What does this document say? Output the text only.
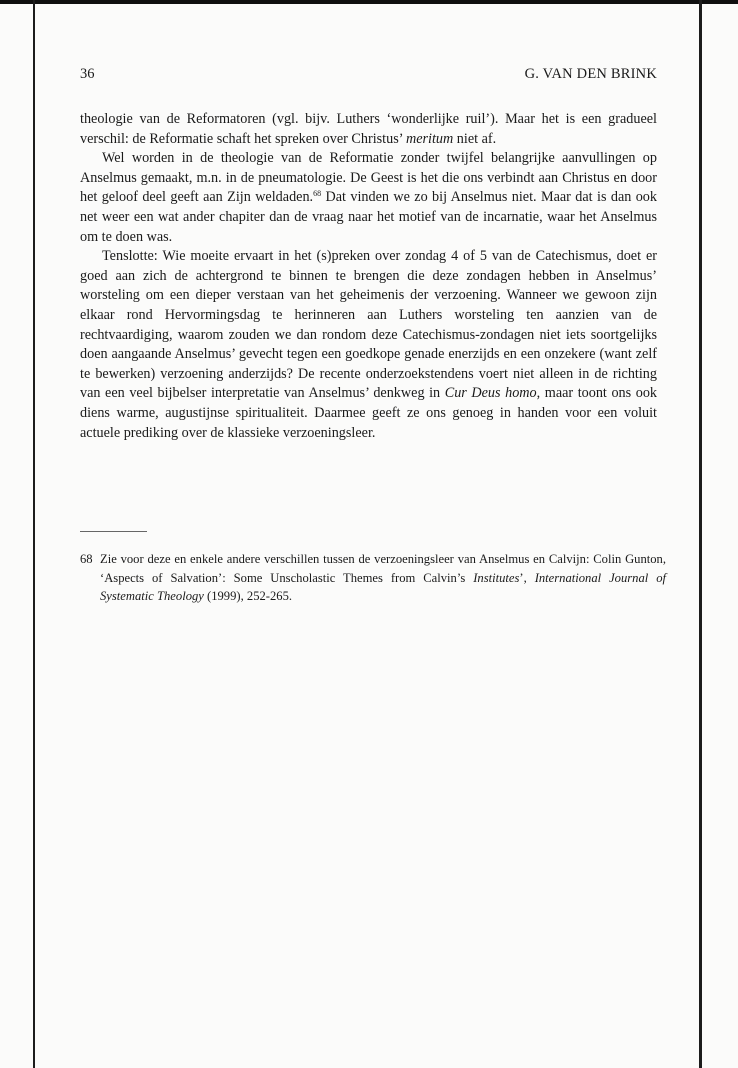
36	G. VAN DEN BRINK

theologie van de Reformatoren (vgl. bijv. Luthers ‘wonderlijke ruil’). Maar het is een gradueel verschil: de Reformatie schaft het spreken over Christus’ meritum niet af.

Wel worden in de theologie van de Reformatie zonder twijfel belangrijke aanvullingen op Anselmus gemaakt, m.n. in de pneumatologie. De Geest is het die ons verbindt aan Christus en door het geloof deel geeft aan Zijn weldaden.$^{68}$ Dat vinden we zo bij Anselmus niet. Maar dat is dan ook net weer een wat ander chapiter dan de vraag naar het motief van de incarnatie, waar het Anselmus om te doen was.

Tenslotte: Wie moeite ervaart in het (s)preken over zondag 4 of 5 van de Catechismus, doet er goed aan zich de achtergrond te binnen te brengen die deze zondagen hebben in Anselmus’ worsteling om een dieper verstaan van het geheimenis der verzoening. Wanneer we gewoon zijn elkaar rond Hervormingsdag te herinneren aan Luthers worsteling ten aanzien van de rechtvaardiging, waarom zouden we dan rondom deze Catechismus-zondagen niet iets soortgelijks doen aangaande Anselmus’ gevecht tegen een goedkope genade enerzijds en een onzekere (want zelf te bewerken) verzoening anderzijds? De recente onderzoekstendens voert niet alleen in de richting van een veel bijbelser interpretatie van Anselmus’ denkweg in Cur Deus homo, maar toont ons ook diens warme, augustijnse spiritualiteit. Daarmee geeft ze ons genoeg in handen voor een voluit actuele prediking over de klassieke verzoeningsleer.

68 Zie voor deze en enkele andere verschillen tussen de verzoeningsleer van Anselmus en Calvijn: Colin Gunton, ‘Aspects of Salvation’: Some Unscholastic Themes from Calvin’s Institutes’, International Journal of Systematic Theology (1999), 252-265.
